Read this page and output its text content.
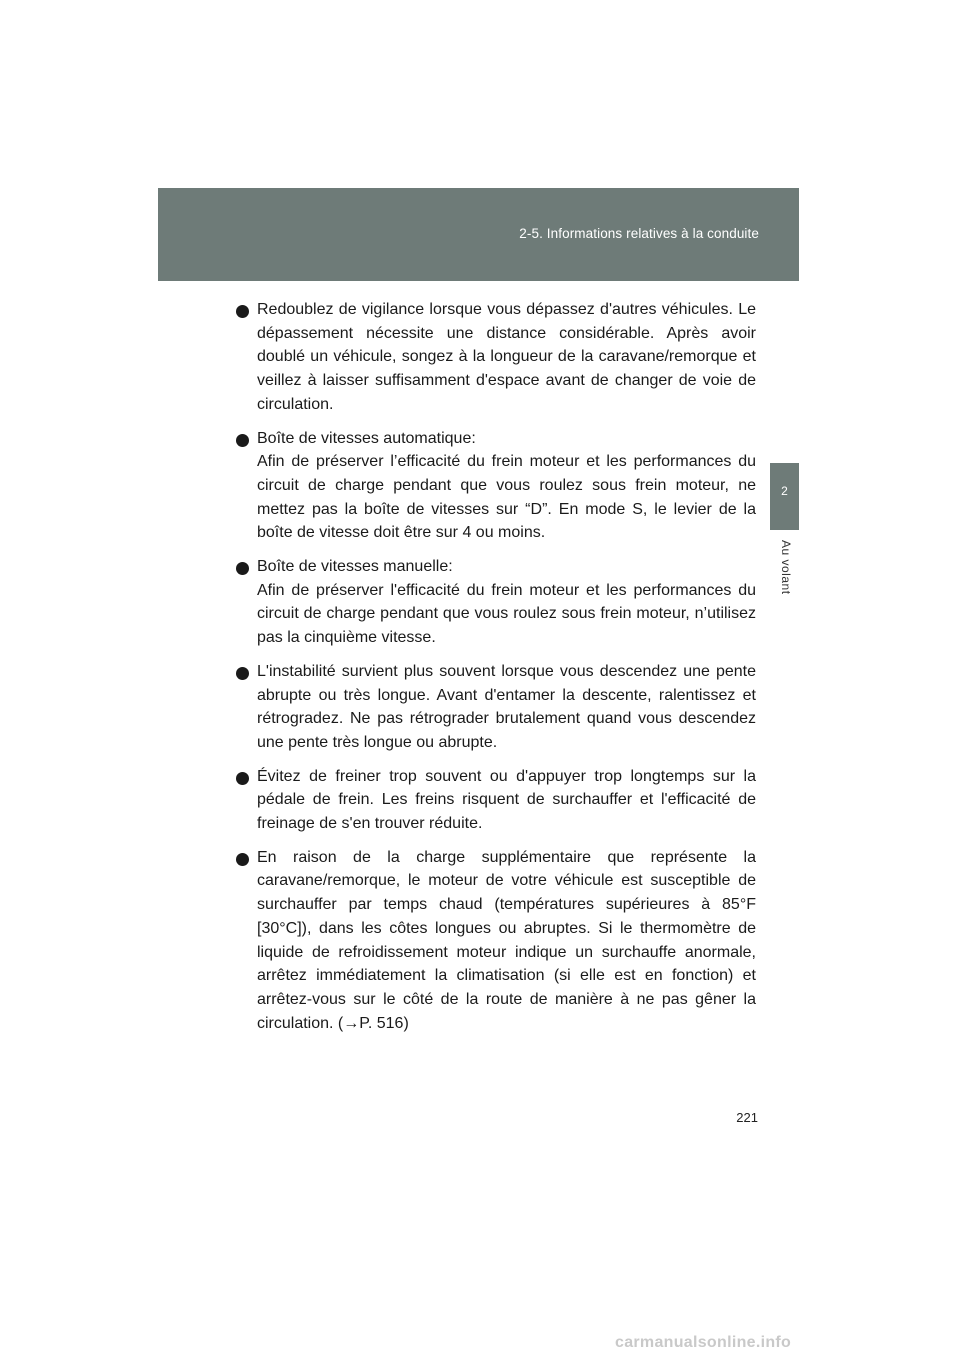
2-5. Informations relatives à la conduite
2
Au volant
Redoublez de vigilance lorsque vous dépassez d'autres véhicules. Le dépassement nécessite une distance considérable. Après avoir doublé un véhicule, songez à la longueur de la caravane/remorque et veillez à laisser suffisamment d'espace avant de changer de voie de circulation.
Boîte de vitesses automatique:
Afin de préserver l’efficacité du frein moteur et les performances du circuit de charge pendant que vous roulez sous frein moteur, ne mettez pas la boîte de vitesses sur “D”. En mode S, le levier de la boîte de vitesse doit être sur 4 ou moins.
Boîte de vitesses manuelle:
Afin de préserver l'efficacité du frein moteur et les performances du circuit de charge pendant que vous roulez sous frein moteur, n’utilisez pas la cinquième vitesse.
L'instabilité survient plus souvent lorsque vous descendez une pente abrupte ou très longue. Avant d'entamer la descente, ralentissez et rétrogradez. Ne pas rétrograder brutalement quand vous descendez une pente très longue ou abrupte.
Évitez de freiner trop souvent ou d'appuyer trop longtemps sur la pédale de frein. Les freins risquent de surchauffer et l'efficacité de freinage de s'en trouver réduite.
En raison de la charge supplémentaire que représente la caravane/remorque, le moteur de votre véhicule est susceptible de surchauffer par temps chaud (températures supérieures à 85°F [30°C]), dans les côtes longues ou abruptes. Si le thermomètre de liquide de refroidissement moteur indique un surchauffe anormale, arrêtez immédiatement la climatisation (si elle est en fonction) et arrêtez-vous sur le côté de la route de manière à ne pas gêner la circulation. (→P. 516)
221
carmanualsonline.info
